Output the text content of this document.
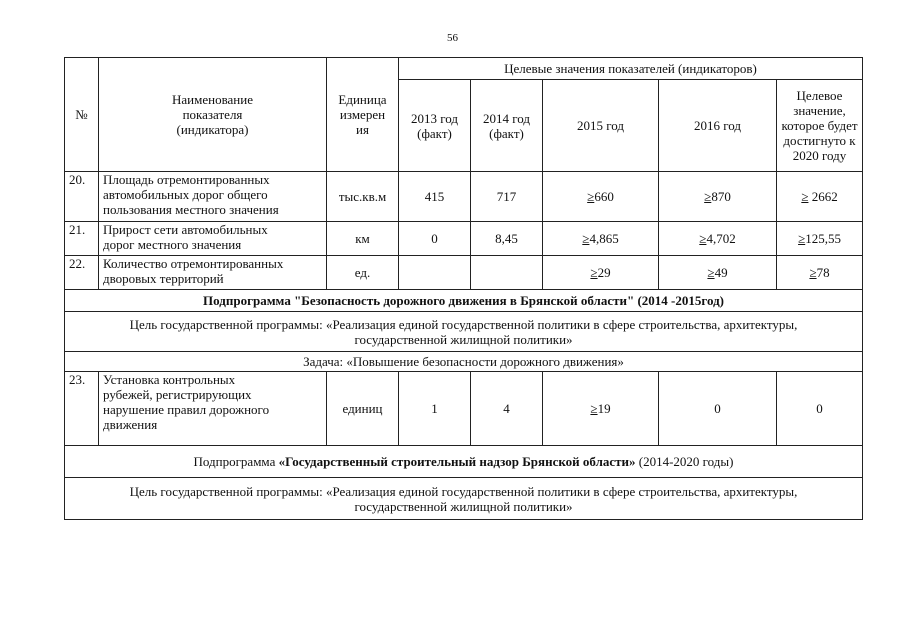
56
№	Наименование
показателя
(индикатора)	Единица
измерен
ия	Целевые значения показателей (индикаторов)				
			2013 год
(факт)	2014 год
(факт)	2015 год	2016 год	Целевое
значение,
которое будет
достигнуто к
2020 году
20.	Площадь отремонтированных
автомобильных дорог общего
пользования местного значения	тыс.кв.м	415	717	≥660	≥870	≥ 2662
21.	Прирост сети автомобильных
дорог местного значения	км	0	8,45	≥4,865	≥4,702	≥125,55
22.	Количество отремонтированных
дворовых территорий	ед.			≥29	≥49	≥78
Подпрограмма "Безопасность дорожного движения в Брянской области" (2014 -2015год)							
Цель государственной программы: «Реализация единой государственной политики в сфере строительства, архитектуры,
государственной жилищной политики»							
Задача: «Повышение безопасности дорожного движения»							
23.	Установка контрольных
рубежей, регистрирующих
нарушение правил дорожного
движения	единиц	1	4	≥19	0	0
Подпрограмма «Государственный строительный надзор Брянской области» (2014-2020 годы)							
Цель государственной программы: «Реализация единой государственной политики в сфере строительства, архитектуры,
государственной жилищной политики»							
